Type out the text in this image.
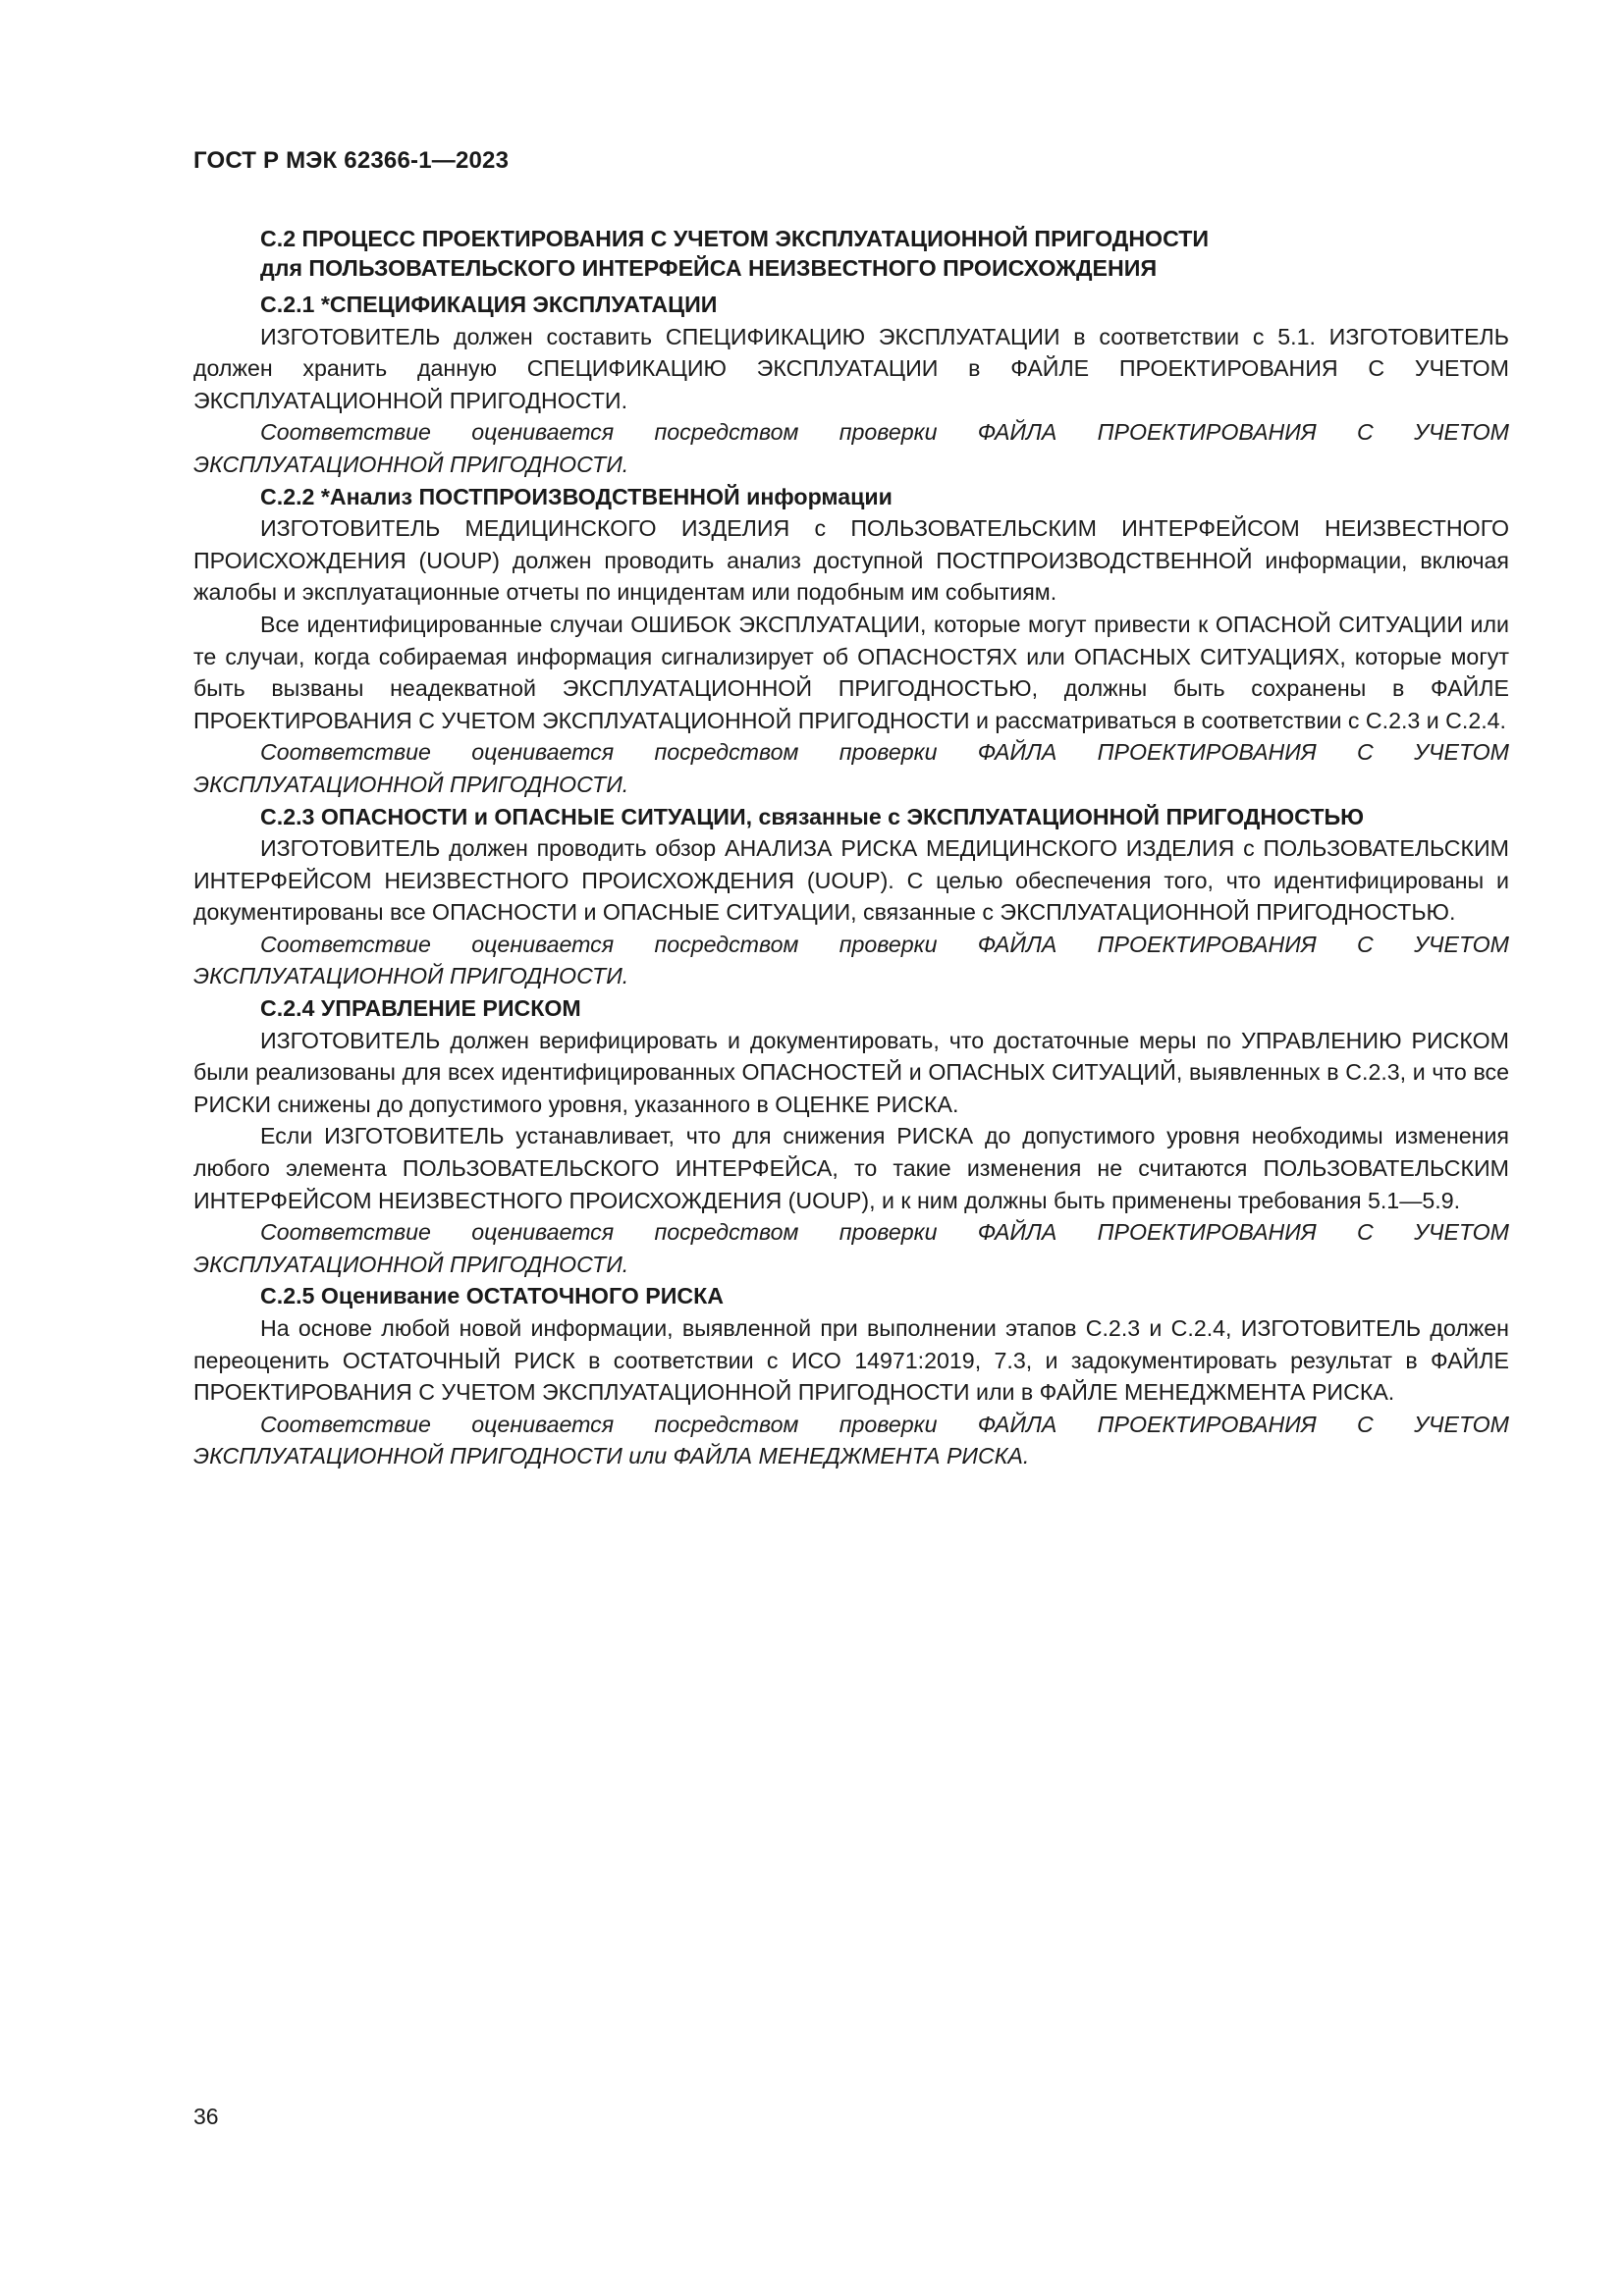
ГОСТ Р МЭК 62366-1—2023
С.2 ПРОЦЕСС ПРОЕКТИРОВАНИЯ С УЧЕТОМ ЭКСПЛУАТАЦИОННОЙ ПРИГОДНОСТИ
для ПОЛЬЗОВАТЕЛЬСКОГО ИНТЕРФЕЙСА НЕИЗВЕСТНОГО ПРОИСХОЖДЕНИЯ
С.2.1 *СПЕЦИФИКАЦИЯ ЭКСПЛУАТАЦИИ

ИЗГОТОВИТЕЛЬ должен составить СПЕЦИФИКАЦИЮ ЭКСПЛУАТАЦИИ в соответствии с 5.1. ИЗГОТОВИТЕЛЬ должен хранить данную СПЕЦИФИКАЦИЮ ЭКСПЛУАТАЦИИ в ФАЙЛЕ ПРОЕКТИРОВАНИЯ С УЧЕТОМ ЭКСПЛУАТАЦИОННОЙ ПРИГОДНОСТИ.

Соответствие оценивается посредством проверки ФАЙЛА ПРОЕКТИРОВАНИЯ С УЧЕТОМ ЭКСПЛУАТАЦИОННОЙ ПРИГОДНОСТИ.

С.2.2 *Анализ ПОСТПРОИЗВОДСТВЕННОЙ информации

ИЗГОТОВИТЕЛЬ МЕДИЦИНСКОГО ИЗДЕЛИЯ с ПОЛЬЗОВАТЕЛЬСКИМ ИНТЕРФЕЙСОМ НЕИЗВЕСТНОГО ПРОИСХОЖДЕНИЯ (UOUP) должен проводить анализ доступной ПОСТПРОИЗВОДСТВЕННОЙ информации, включая жалобы и эксплуатационные отчеты по инцидентам или подобным им событиям.

Все идентифицированные случаи ОШИБОК ЭКСПЛУАТАЦИИ, которые могут привести к ОПАСНОЙ СИТУАЦИИ или те случаи, когда собираемая информация сигнализирует об ОПАСНОСТЯХ или ОПАСНЫХ СИТУАЦИЯХ, которые могут быть вызваны неадекватной ЭКСПЛУАТАЦИОННОЙ ПРИГОДНОСТЬЮ, должны быть сохранены в ФАЙЛЕ ПРОЕКТИРОВАНИЯ С УЧЕТОМ ЭКСПЛУАТАЦИОННОЙ ПРИГОДНОСТИ и рассматриваться в соответствии с С.2.3 и С.2.4.

Соответствие оценивается посредством проверки ФАЙЛА ПРОЕКТИРОВАНИЯ С УЧЕТОМ ЭКСПЛУАТАЦИОННОЙ ПРИГОДНОСТИ.

С.2.3 ОПАСНОСТИ и ОПАСНЫЕ СИТУАЦИИ, связанные с ЭКСПЛУАТАЦИОННОЙ ПРИГОДНОСТЬЮ

ИЗГОТОВИТЕЛЬ должен проводить обзор АНАЛИЗА РИСКА МЕДИЦИНСКОГО ИЗДЕЛИЯ с ПОЛЬЗОВАТЕЛЬСКИМ ИНТЕРФЕЙСОМ НЕИЗВЕСТНОГО ПРОИСХОЖДЕНИЯ (UOUP). С целью обеспечения того, что идентифицированы и документированы все ОПАСНОСТИ и ОПАСНЫЕ СИТУАЦИИ, связанные с ЭКСПЛУАТАЦИОННОЙ ПРИГОДНОСТЬЮ.

Соответствие оценивается посредством проверки ФАЙЛА ПРОЕКТИРОВАНИЯ С УЧЕТОМ ЭКСПЛУАТАЦИОННОЙ ПРИГОДНОСТИ.

С.2.4 УПРАВЛЕНИЕ РИСКОМ

ИЗГОТОВИТЕЛЬ должен верифицировать и документировать, что достаточные меры по УПРАВЛЕНИЮ РИСКОМ были реализованы для всех идентифицированных ОПАСНОСТЕЙ и ОПАСНЫХ СИТУАЦИЙ, выявленных в С.2.3, и что все РИСКИ снижены до допустимого уровня, указанного в ОЦЕНКЕ РИСКА.

Если ИЗГОТОВИТЕЛЬ устанавливает, что для снижения РИСКА до допустимого уровня необходимы изменения любого элемента ПОЛЬЗОВАТЕЛЬСКОГО ИНТЕРФЕЙСА, то такие изменения не считаются ПОЛЬЗОВАТЕЛЬСКИМ ИНТЕРФЕЙСОМ НЕИЗВЕСТНОГО ПРОИСХОЖДЕНИЯ (UOUP), и к ним должны быть применены требования 5.1—5.9.

Соответствие оценивается посредством проверки ФАЙЛА ПРОЕКТИРОВАНИЯ С УЧЕТОМ ЭКСПЛУАТАЦИОННОЙ ПРИГОДНОСТИ.

С.2.5 Оценивание ОСТАТОЧНОГО РИСКА

На основе любой новой информации, выявленной при выполнении этапов С.2.3 и С.2.4, ИЗГОТОВИТЕЛЬ должен переоценить ОСТАТОЧНЫЙ РИСК в соответствии с ИСО 14971:2019, 7.3, и задокументировать результат в ФАЙЛЕ ПРОЕКТИРОВАНИЯ С УЧЕТОМ ЭКСПЛУАТАЦИОННОЙ ПРИГОДНОСТИ или в ФАЙЛЕ МЕНЕДЖМЕНТА РИСКА.

Соответствие оценивается посредством проверки ФАЙЛА ПРОЕКТИРОВАНИЯ С УЧЕТОМ ЭКСПЛУАТАЦИОННОЙ ПРИГОДНОСТИ или ФАЙЛА МЕНЕДЖМЕНТА РИСКА.

36
